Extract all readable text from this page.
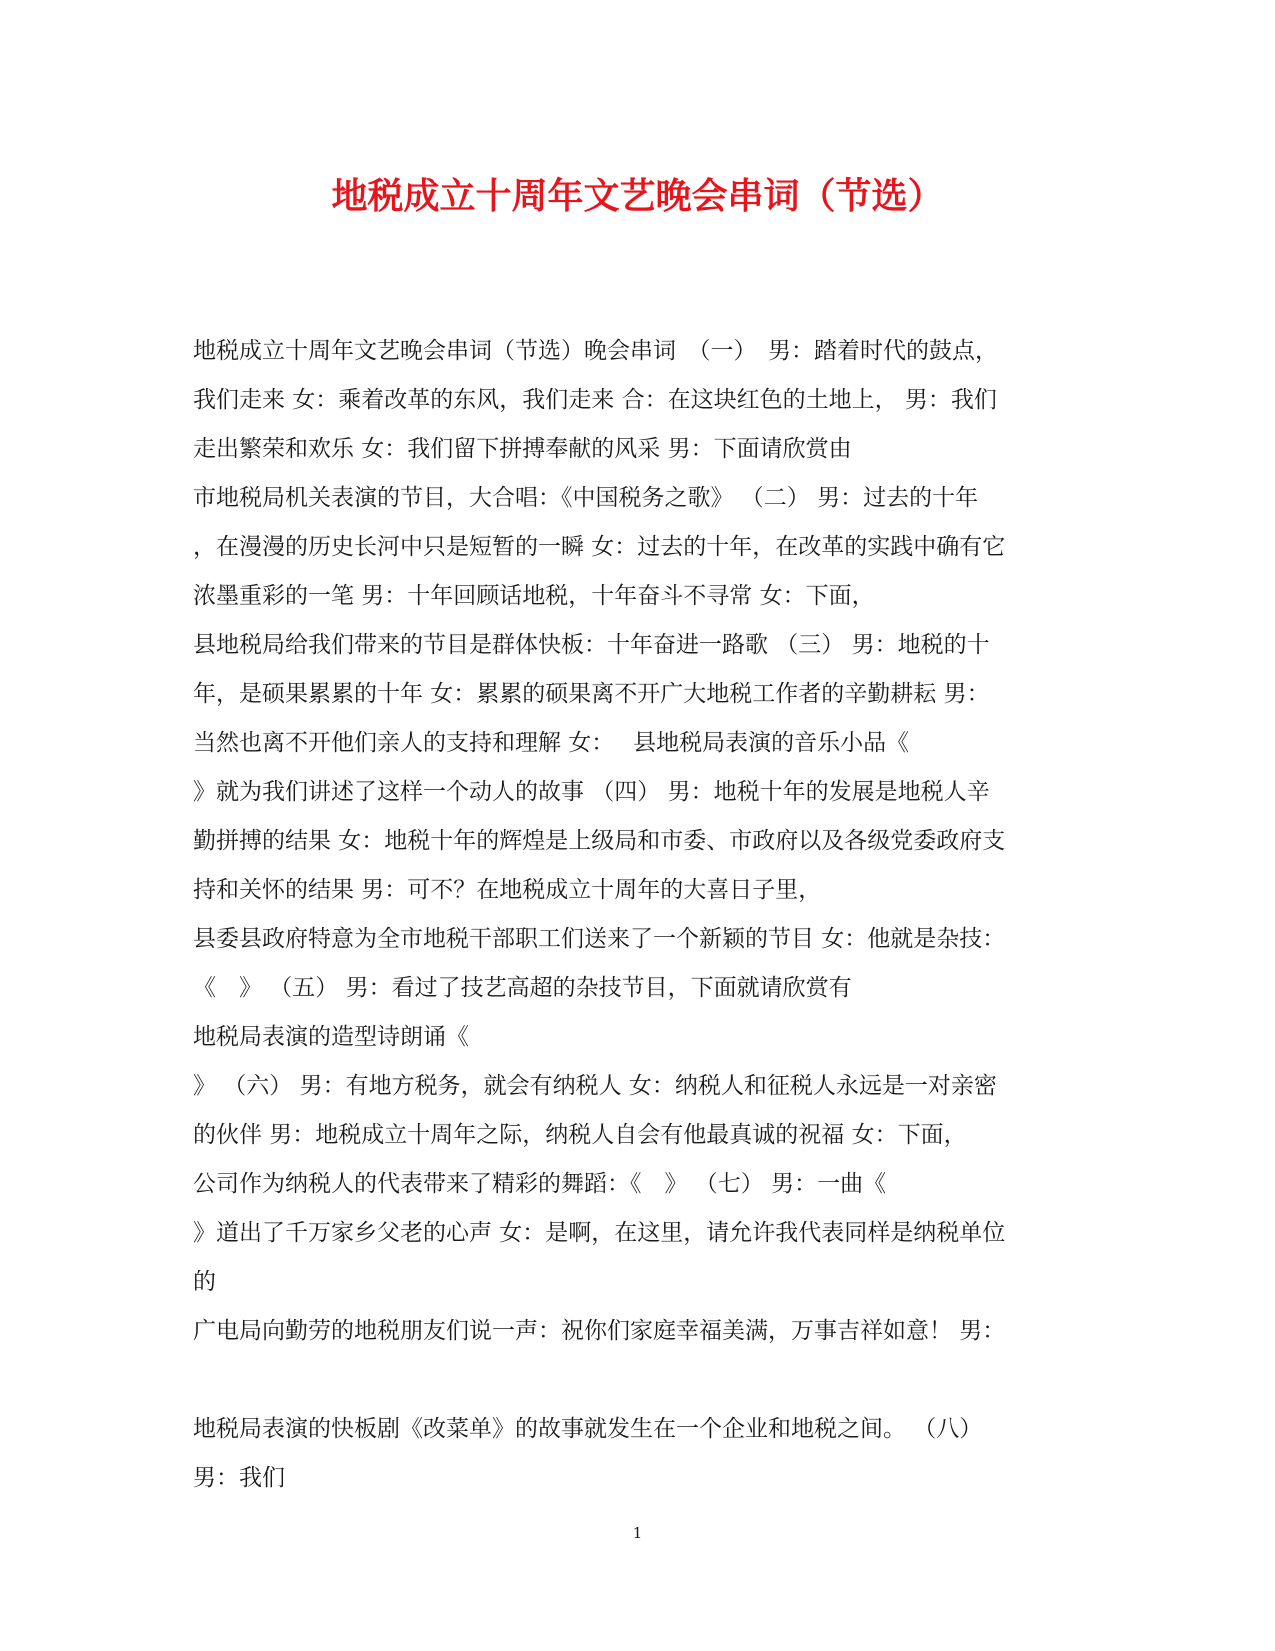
地税成立十周年文艺晚会串词（节选）
地税成立十周年文艺晚会串词（节选）晚会串词　（一）　男：踏着时代的鼓点，
我们走来 女：乘着改革的东风，我们走来 合：在这块红色的土地上， 男：我们
走出繁荣和欢乐 女：我们留下拼搏奉献的风采 男：下面请欣赏由
市地税局机关表演的节目，大合唱：《中国税务之歌》 （二） 男：过去的十年
，在漫漫的历史长河中只是短暂的一瞬 女：过去的十年，在改革的实践中确有它
浓墨重彩的一笔 男：十年回顾话地税，十年奋斗不寻常 女：下面，
县地税局给我们带来的节目是群体快板：十年奋进一路歌 （三） 男：地税的十
年，是硕果累累的十年 女：累累的硕果离不开广大地税工作者的辛勤耕耘 男：
当然也离不开他们亲人的支持和理解 女：　 县地税局表演的音乐小品《
》就为我们讲述了这样一个动人的故事 （四） 男：地税十年的发展是地税人辛
勤拼搏的结果 女：地税十年的辉煌是上级局和市委、市政府以及各级党委政府支
持和关怀的结果 男：可不？在地税成立十周年的大喜日子里，
县委县政府特意为全市地税干部职工们送来了一个新颖的节目 女：他就是杂技：
《　》 （五） 男：看过了技艺高超的杂技节目，下面就请欣赏有
地税局表演的造型诗朗诵《
》 （六） 男：有地方税务，就会有纳税人 女：纳税人和征税人永远是一对亲密
的伙伴 男：地税成立十周年之际，纳税人自会有他最真诚的祝福 女：下面，
公司作为纳税人的代表带来了精彩的舞蹈：《　》 （七） 男：一曲《
》道出了千万家乡父老的心声 女：是啊，在这里，请允许我代表同样是纳税单位
的
广电局向勤劳的地税朋友们说一声：祝你们家庭幸福美满，万事吉祥如意！ 男：
地税局表演的快板剧《改菜单》的故事就发生在一个企业和地税之间。 （八）
男：我们
1
